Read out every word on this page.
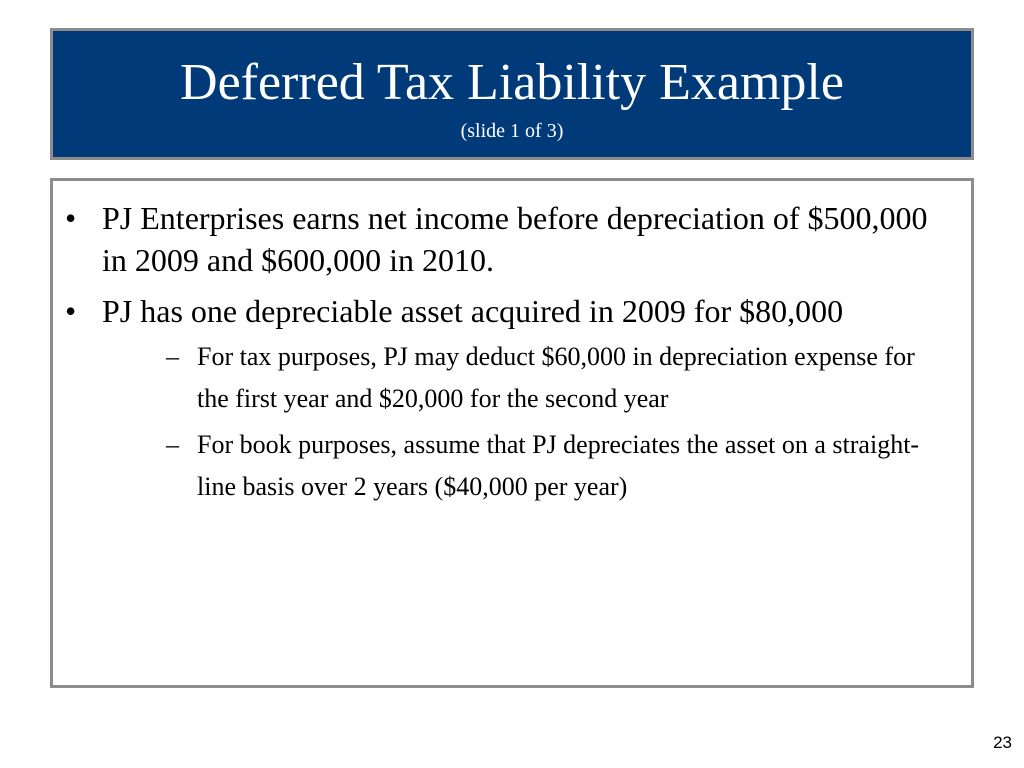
Deferred Tax Liability Example
(slide 1 of 3)
• PJ Enterprises earns net income before depreciation of $500,000 in 2009 and $600,000 in 2010.
• PJ has one depreciable asset acquired in 2009 for $80,000
– For tax purposes, PJ may deduct $60,000 in depreciation expense for the first year and $20,000 for the second year
– For book purposes, assume that PJ depreciates the asset on a straight-line basis over 2 years ($40,000 per year)
23
